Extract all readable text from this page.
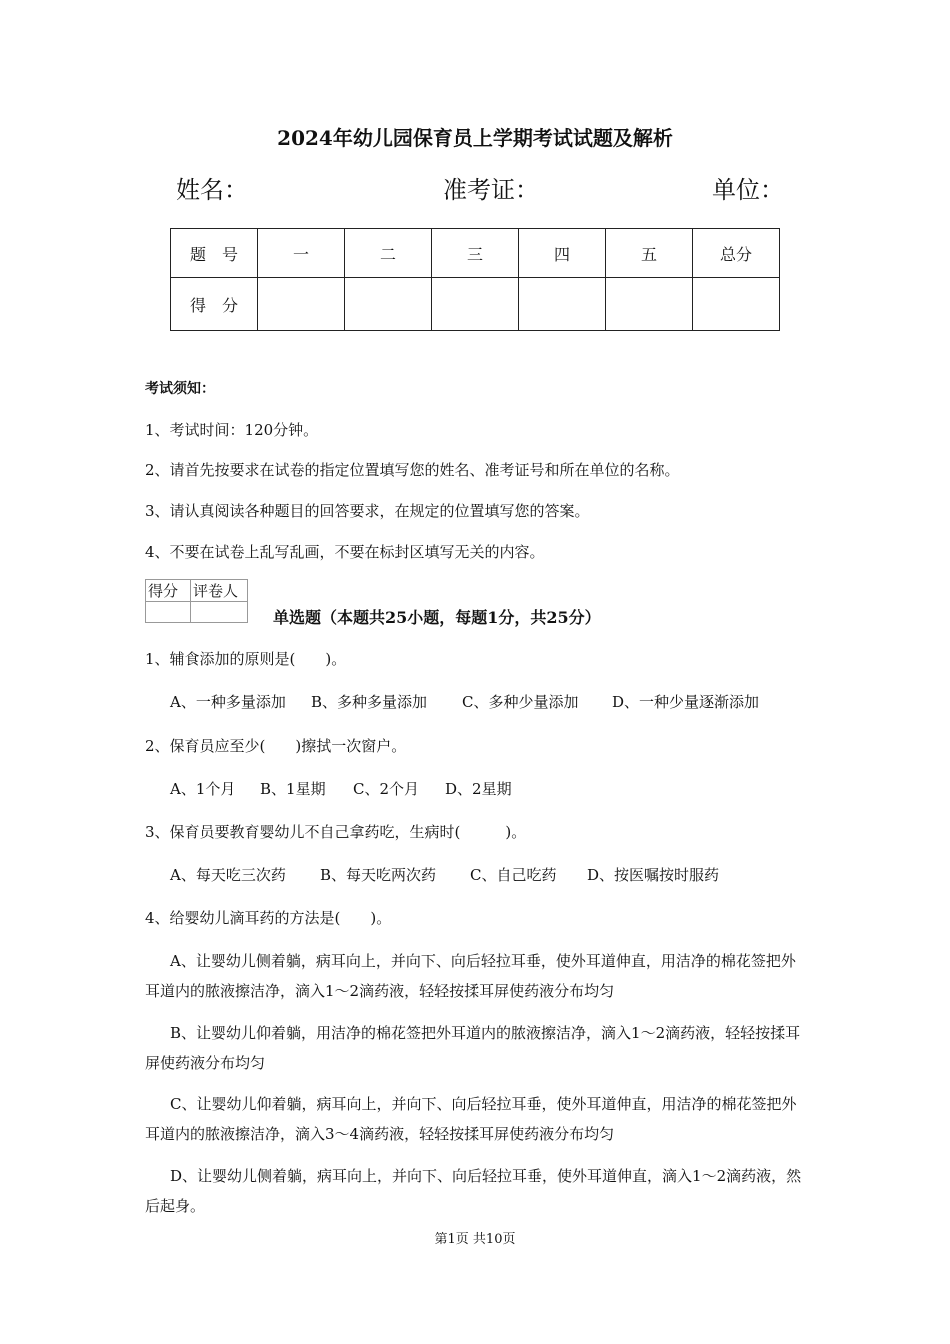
2024年幼儿园保育员上学期考试试题及解析
姓名：	准考证：	单位：
题　号	一	二	三	四	五	总分
得　分						
考试须知：
1、考试时间：120分钟。
2、请首先按要求在试卷的指定位置填写您的姓名、准考证号和所在单位的名称。
3、请认真阅读各种题目的回答要求，在规定的位置填写您的答案。
4、不要在试卷上乱写乱画，不要在标封区填写无关的内容。
得分	评卷人

单选题（本题共25小题，每题1分，共25分）
1、辅食添加的原则是(　　)。
A、一种多量添加 B、多种多量添加 C、多种少量添加 D、一种少量逐渐添加
2、保育员应至少(　　)擦拭一次窗户。
A、1个月 B、1星期 C、2个月 D、2星期
3、保育员要教育婴幼儿不自己拿药吃，生病时(　　　)。
A、每天吃三次药 B、每天吃两次药 C、自己吃药 D、按医嘱按时服药
4、给婴幼儿滴耳药的方法是(　　)。
A、让婴幼儿侧着躺，病耳向上，并向下、向后轻拉耳垂，使外耳道伸直，用洁净的棉花签把外耳道内的脓液擦洁净，滴入1～2滴药液，轻轻按揉耳屏使药液分布均匀
B、让婴幼儿仰着躺，用洁净的棉花签把外耳道内的脓液擦洁净，滴入1～2滴药液，轻轻按揉耳屏使药液分布均匀
C、让婴幼儿仰着躺，病耳向上，并向下、向后轻拉耳垂，使外耳道伸直，用洁净的棉花签把外耳道内的脓液擦洁净，滴入3～4滴药液，轻轻按揉耳屏使药液分布均匀
D、让婴幼儿侧着躺，病耳向上，并向下、向后轻拉耳垂，使外耳道伸直，滴入1～2滴药液，然后起身。
第1页 共10页
